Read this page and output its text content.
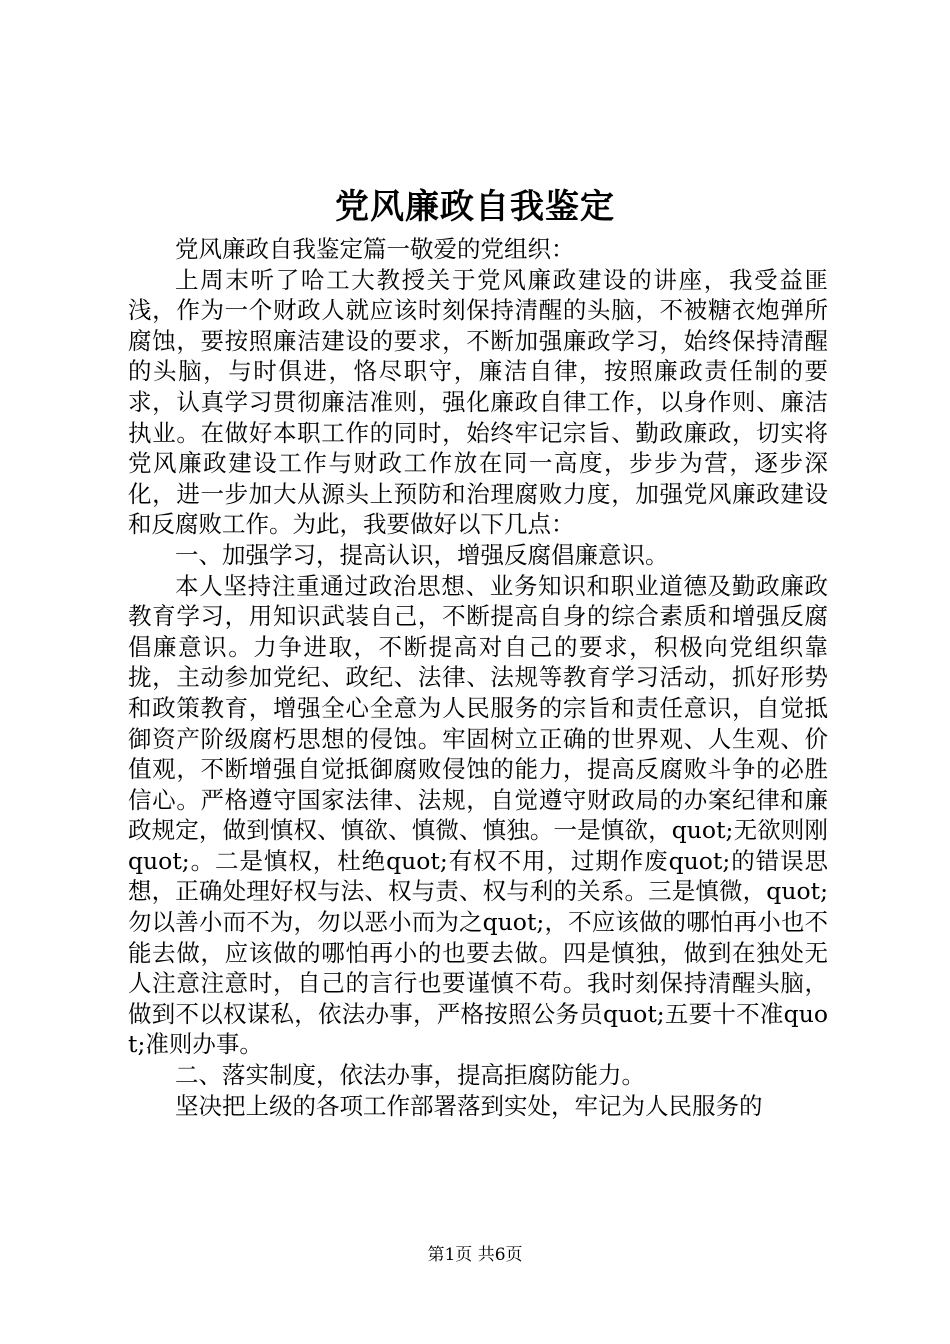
党风廉政自我鉴定

党风廉政自我鉴定篇一敬爱的党组织：

上周末听了哈工大教授关于党风廉政建设的讲座，我受益匪浅，作为一个财政人就应该时刻保持清醒的头脑，不被糖衣炮弹所腐蚀，要按照廉洁建设的要求，不断加强廉政学习，始终保持清醒的头脑，与时俱进，恪尽职守，廉洁自律，按照廉政责任制的要求，认真学习贯彻廉洁准则，强化廉政自律工作，以身作则、廉洁执业。在做好本职工作的同时，始终牢记宗旨、勤政廉政，切实将党风廉政建设工作与财政工作放在同一高度，步步为营，逐步深化，进一步加大从源头上预防和治理腐败力度，加强党风廉政建设和反腐败工作。为此，我要做好以下几点：

一、加强学习，提高认识，增强反腐倡廉意识。

本人坚持注重通过政治思想、业务知识和职业道德及勤政廉政教育学习，用知识武装自己，不断提高自身的综合素质和增强反腐倡廉意识。力争进取，不断提高对自己的要求，积极向党组织靠拢，主动参加党纪、政纪、法律、法规等教育学习活动，抓好形势和政策教育，增强全心全意为人民服务的宗旨和责任意识，自觉抵御资产阶级腐朽思想的侵蚀。牢固树立正确的世界观、人生观、价值观，不断增强自觉抵御腐败侵蚀的能力，提高反腐败斗争的必胜信心。严格遵守国家法律、法规，自觉遵守财政局的办案纪律和廉政规定，做到慎权、慎欲、慎微、慎独。一是慎欲，quot;无欲则刚quot;。二是慎权，杜绝quot;有权不用，过期作废quot;的错误思想，正确处理好权与法、权与责、权与利的关系。三是慎微，quot;勿以善小而不为，勿以恶小而为之quot;，不应该做的哪怕再小也不能去做，应该做的哪怕再小的也要去做。四是慎独，做到在独处无人注意注意时，自己的言行也要谨慎不苟。我时刻保持清醒头脑，做到不以权谋私，依法办事，严格按照公务员quot;五要十不准quot;准则办事。

二、落实制度，依法办事，提高拒腐防能力。

坚决把上级的各项工作部署落到实处，牢记为人民服务的

第1页 共6页
